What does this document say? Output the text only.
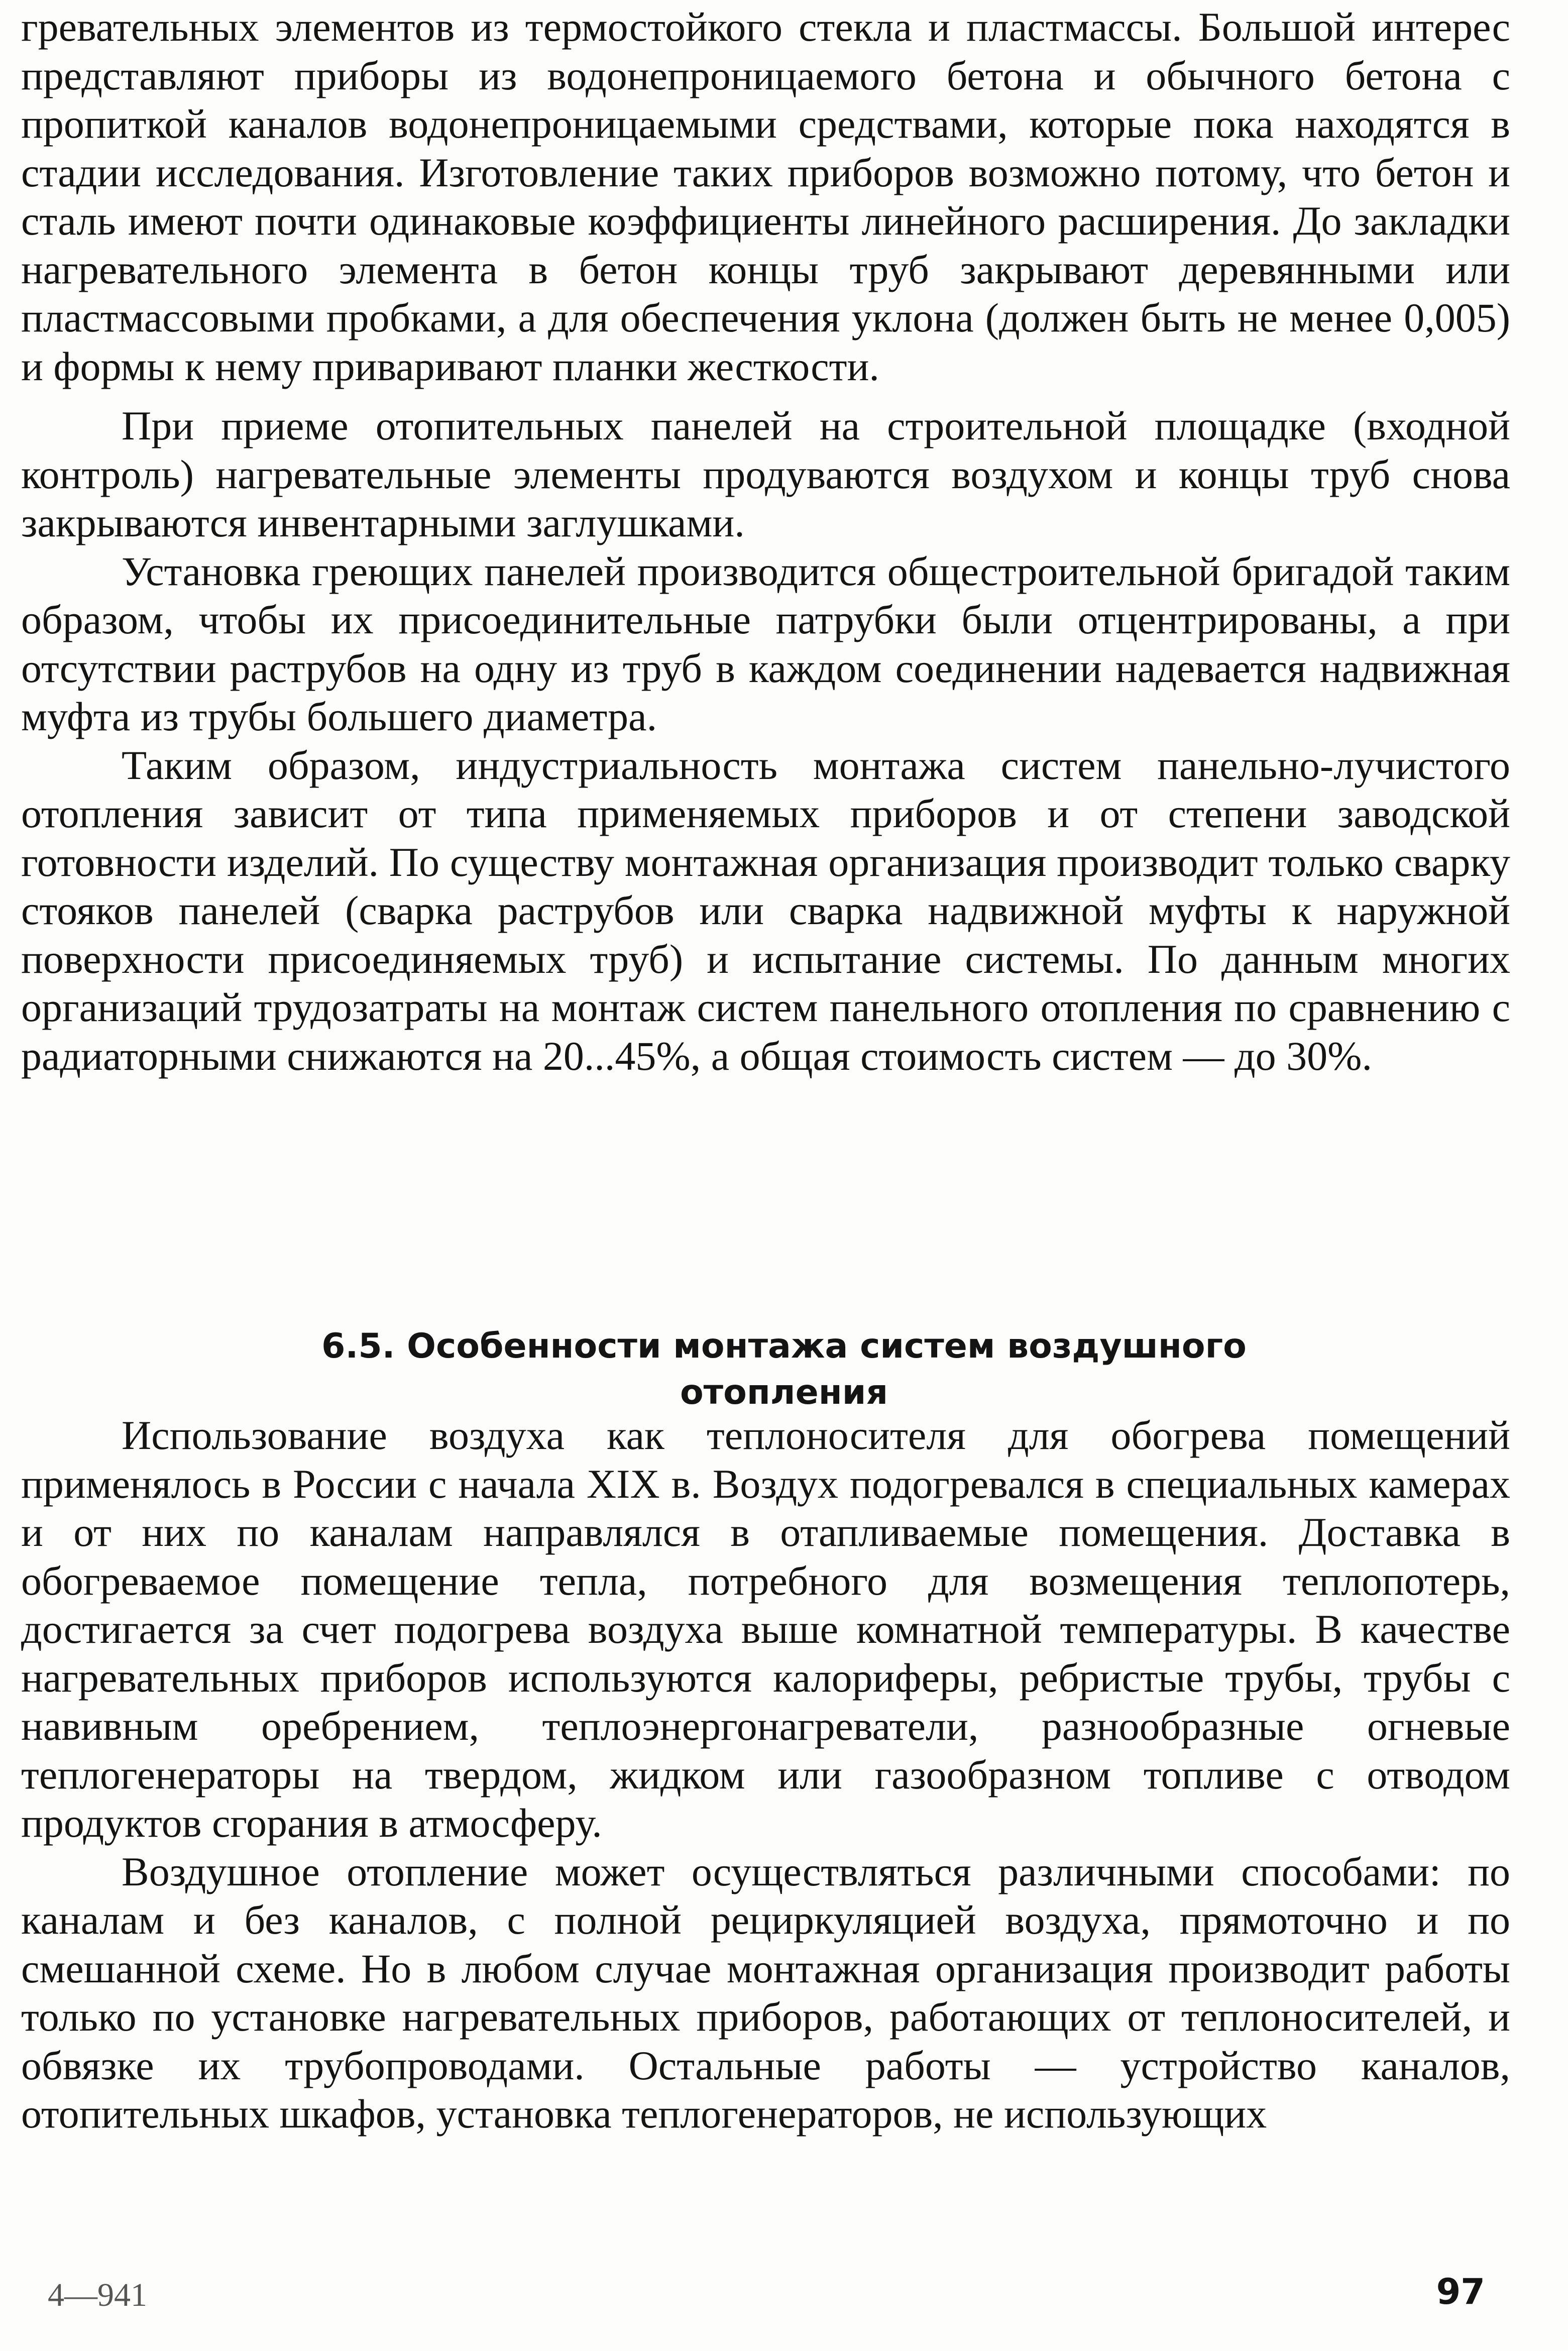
гревательных элементов из термостойкого стекла и пластмассы. Большой интерес представляют приборы из водонепроницаемого бетона и обычного бетона с пропиткой каналов водонепроницаемыми средствами, которые пока находятся в стадии исследования. Изготовление таких приборов возможно потому, что бетон и сталь имеют почти одинаковые коэффициенты линейного расширения. До закладки нагревательного элемента в бетон концы труб закрывают деревянными или пластмассовыми пробками, а для обеспечения уклона (должен быть не менее 0,005) и формы к нему приваривают планки жесткости.

При приеме отопительных панелей на строительной площадке (входной контроль) нагревательные элементы продуваются воздухом и концы труб снова закрываются инвентарными заглушками.

Установка греющих панелей производится общестроительной бригадой таким образом, чтобы их присоединительные патрубки были отцентрированы, а при отсутствии раструбов на одну из труб в каждом соединении надевается надвижная муфта из трубы большего диаметра.

Таким образом, индустриальность монтажа систем панельно-лучистого отопления зависит от типа применяемых приборов и от степени заводской готовности изделий. По существу монтажная организация производит только сварку стояков панелей (сварка раструбов или сварка надвижной муфты к наружной поверхности присоединяемых труб) и испытание системы. По данным многих организаций трудозатраты на монтаж систем панельного отопления по сравнению с радиаторными снижаются на 20...45%, а общая стоимость систем — до 30%.

6.5. Особенности монтажа систем воздушного
отопления

Использование воздуха как теплоносителя для обогрева помещений применялось в России с начала XIX в. Воздух подогревался в специальных камерах и от них по каналам направлялся в отапливаемые помещения. Доставка в обогреваемое помещение тепла, потребного для возмещения теплопотерь, достигается за счет подогрева воздуха выше комнатной температуры. В качестве нагревательных приборов используются калориферы, ребристые трубы, трубы с навивным оребрением, теплоэнергонагреватели, разнообразные огневые теплогенераторы на твердом, жидком или газообразном топливе с отводом продуктов сгорания в атмосферу.

Воздушное отопление может осуществляться различными способами: по каналам и без каналов, с полной рециркуляцией воздуха, прямоточно и по смешанной схеме. Но в любом случае монтажная организация производит работы только по установке нагревательных приборов, работающих от теплоносителей, и обвязке их трубопроводами. Остальные работы — устройство каналов, отопительных шкафов, установка теплогенераторов, не использующих

4—941	97
